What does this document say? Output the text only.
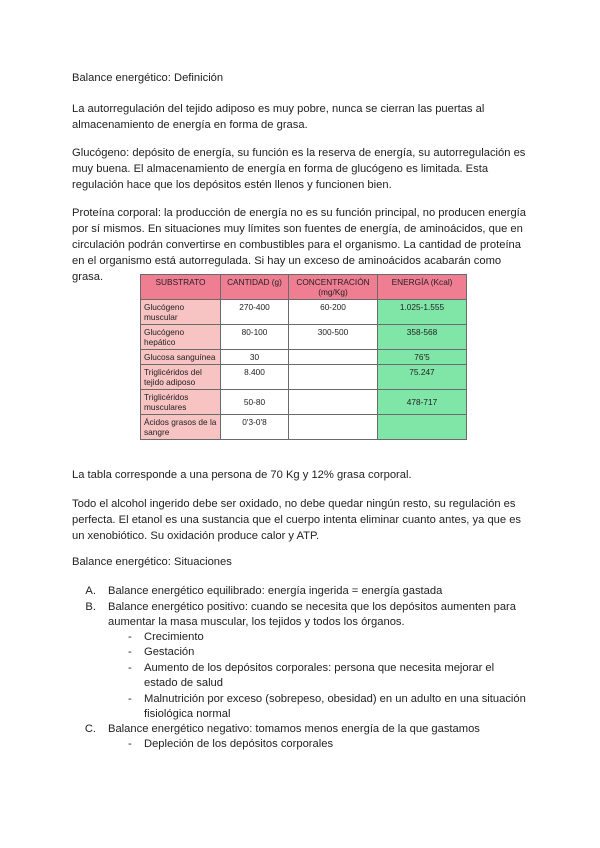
Balance energético: Definición

La autorregulación del tejido adiposo es muy pobre, nunca se cierran las puertas al almacenamiento de energía en forma de grasa.

Glucógeno: depósito de energía, su función es la reserva de energía, su autorregulación es muy buena. El almacenamiento de energía en forma de glucógeno es limitada. Esta regulación hace que los depósitos estén llenos y funcionen bien.

Proteína corporal: la producción de energía no es su función principal, no producen energía por sí mismos. En situaciones muy límites son fuentes de energía, de aminoácidos, que en circulación podrán convertirse en combustibles para el organismo. La cantidad de proteína en el organismo está autorregulada. Si hay un exceso de aminoácidos acabarán como grasa.	SUBSTRATO	CANTIDAD (g)	CONCENTRACIÓN (mg/Kg)	ENERGÍA (Kcal)
Glucógeno muscular	270-400	60-200	1.025-1.555
Glucógeno hepático	80-100	300-500	358-568
Glucosa sanguínea	30		76'5
Triglicéridos del tejido adiposo	8.400		75.247
Triglicéridos musculares	50-80		478-717
Ácidos grasos de la sangre	0'3-0'8		

La tabla corresponde a una persona de 70 Kg y 12% grasa corporal.

Todo el alcohol ingerido debe ser oxidado, no debe quedar ningún resto, su regulación es perfecta. El etanol es una sustancia que el cuerpo intenta eliminar cuanto antes, ya que es un xenobiótico. Su oxidación produce calor y ATP.

Balance energético: Situaciones
A. Balance energético equilibrado: energía ingerida = energía gastada
B. Balance energético positivo: cuando se necesita que los depósitos aumenten para
aumentar la masa muscular, los tejidos y todos los órganos.
- Crecimiento
- Gestación
- Aumento de los depósitos corporales: persona que necesita mejorar el
estado de salud
- Malnutrición por exceso (sobrepeso, obesidad) en un adulto en una situación
fisiológica normal
C. Balance energético negativo: tomamos menos energía de la que gastamos
- Depleción de los depósitos corporales
